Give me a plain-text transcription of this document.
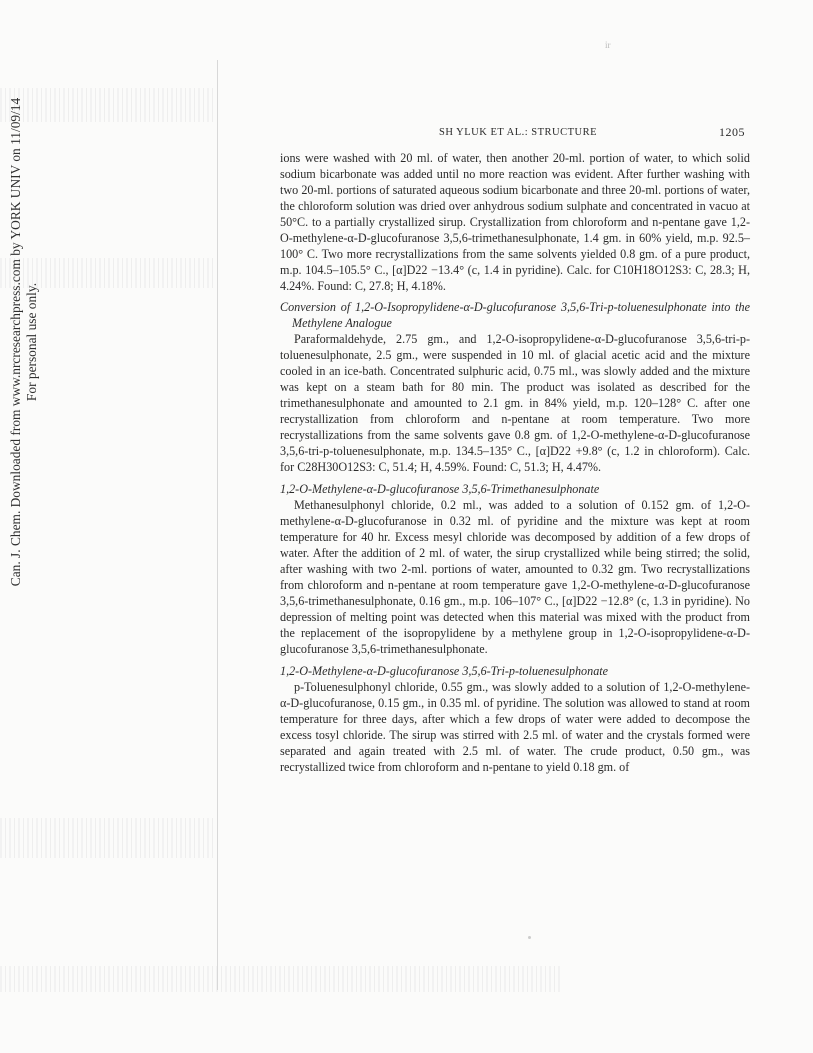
ir
Can. J. Chem. Downloaded from www.nrcresearchpress.com by YORK UNIV on 11/09/14 For personal use only.
SH YLUK ET AL.: STRUCTURE	1205

ions were washed with 20 ml. of water, then another 20-ml. portion of water, to which solid sodium bicarbonate was added until no more reaction was evident. After further washing with two 20-ml. portions of saturated aqueous sodium bicarbonate and three 20-ml. portions of water, the chloroform solution was dried over anhydrous sodium sulphate and concentrated in vacuo at 50°C. to a partially crystallized sirup. Crystallization from chloroform and n-pentane gave 1,2-O-methylene-α-D-glucofuranose 3,5,6-trimethanesulphonate, 1.4 gm. in 60% yield, m.p. 92.5–100° C. Two more recrystallizations from the same solvents yielded 0.8 gm. of a pure product, m.p. 104.5–105.5° C., [α]D22 −13.4° (c, 1.4 in pyridine). Calc. for C10H18O12S3: C, 28.3; H, 4.24%. Found: C, 27.8; H, 4.18%.

Conversion of 1,2-O-Isopropylidene-α-D-glucofuranose 3,5,6-Tri-p-toluenesulphonate into the Methylene Analogue

Paraformaldehyde, 2.75 gm., and 1,2-O-isopropylidene-α-D-glucofuranose 3,5,6-tri-p-toluenesulphonate, 2.5 gm., were suspended in 10 ml. of glacial acetic acid and the mixture cooled in an ice-bath. Concentrated sulphuric acid, 0.75 ml., was slowly added and the mixture was kept on a steam bath for 80 min. The product was isolated as described for the trimethanesulphonate and amounted to 2.1 gm. in 84% yield, m.p. 120–128° C. after one recrystallization from chloroform and n-pentane at room temperature. Two more recrystallizations from the same solvents gave 0.8 gm. of 1,2-O-methylene-α-D-glucofuranose 3,5,6-tri-p-toluenesulphonate, m.p. 134.5–135° C., [α]D22 +9.8° (c, 1.2 in chloroform). Calc. for C28H30O12S3: C, 51.4; H, 4.59%. Found: C, 51.3; H, 4.47%.

1,2-O-Methylene-α-D-glucofuranose 3,5,6-Trimethanesulphonate

Methanesulphonyl chloride, 0.2 ml., was added to a solution of 0.152 gm. of 1,2-O-methylene-α-D-glucofuranose in 0.32 ml. of pyridine and the mixture was kept at room temperature for 40 hr. Excess mesyl chloride was decomposed by addition of a few drops of water. After the addition of 2 ml. of water, the sirup crystallized while being stirred; the solid, after washing with two 2-ml. portions of water, amounted to 0.32 gm. Two recrystallizations from chloroform and n-pentane at room temperature gave 1,2-O-methylene-α-D-glucofuranose 3,5,6-trimethanesulphonate, 0.16 gm., m.p. 106–107° C., [α]D22 −12.8° (c, 1.3 in pyridine). No depression of melting point was detected when this material was mixed with the product from the replacement of the isopropylidene by a methylene group in 1,2-O-isopropylidene-α-D-glucofuranose 3,5,6-trimethanesulphonate.

1,2-O-Methylene-α-D-glucofuranose 3,5,6-Tri-p-toluenesulphonate

p-Toluenesulphonyl chloride, 0.55 gm., was slowly added to a solution of 1,2-O-methylene-α-D-glucofuranose, 0.15 gm., in 0.35 ml. of pyridine. The solution was allowed to stand at room temperature for three days, after which a few drops of water were added to decompose the excess tosyl chloride. The sirup was stirred with 2.5 ml. of water and the crystals formed were separated and again treated with 2.5 ml. of water. The crude product, 0.50 gm., was recrystallized twice from chloroform and n-pentane to yield 0.18 gm. of
